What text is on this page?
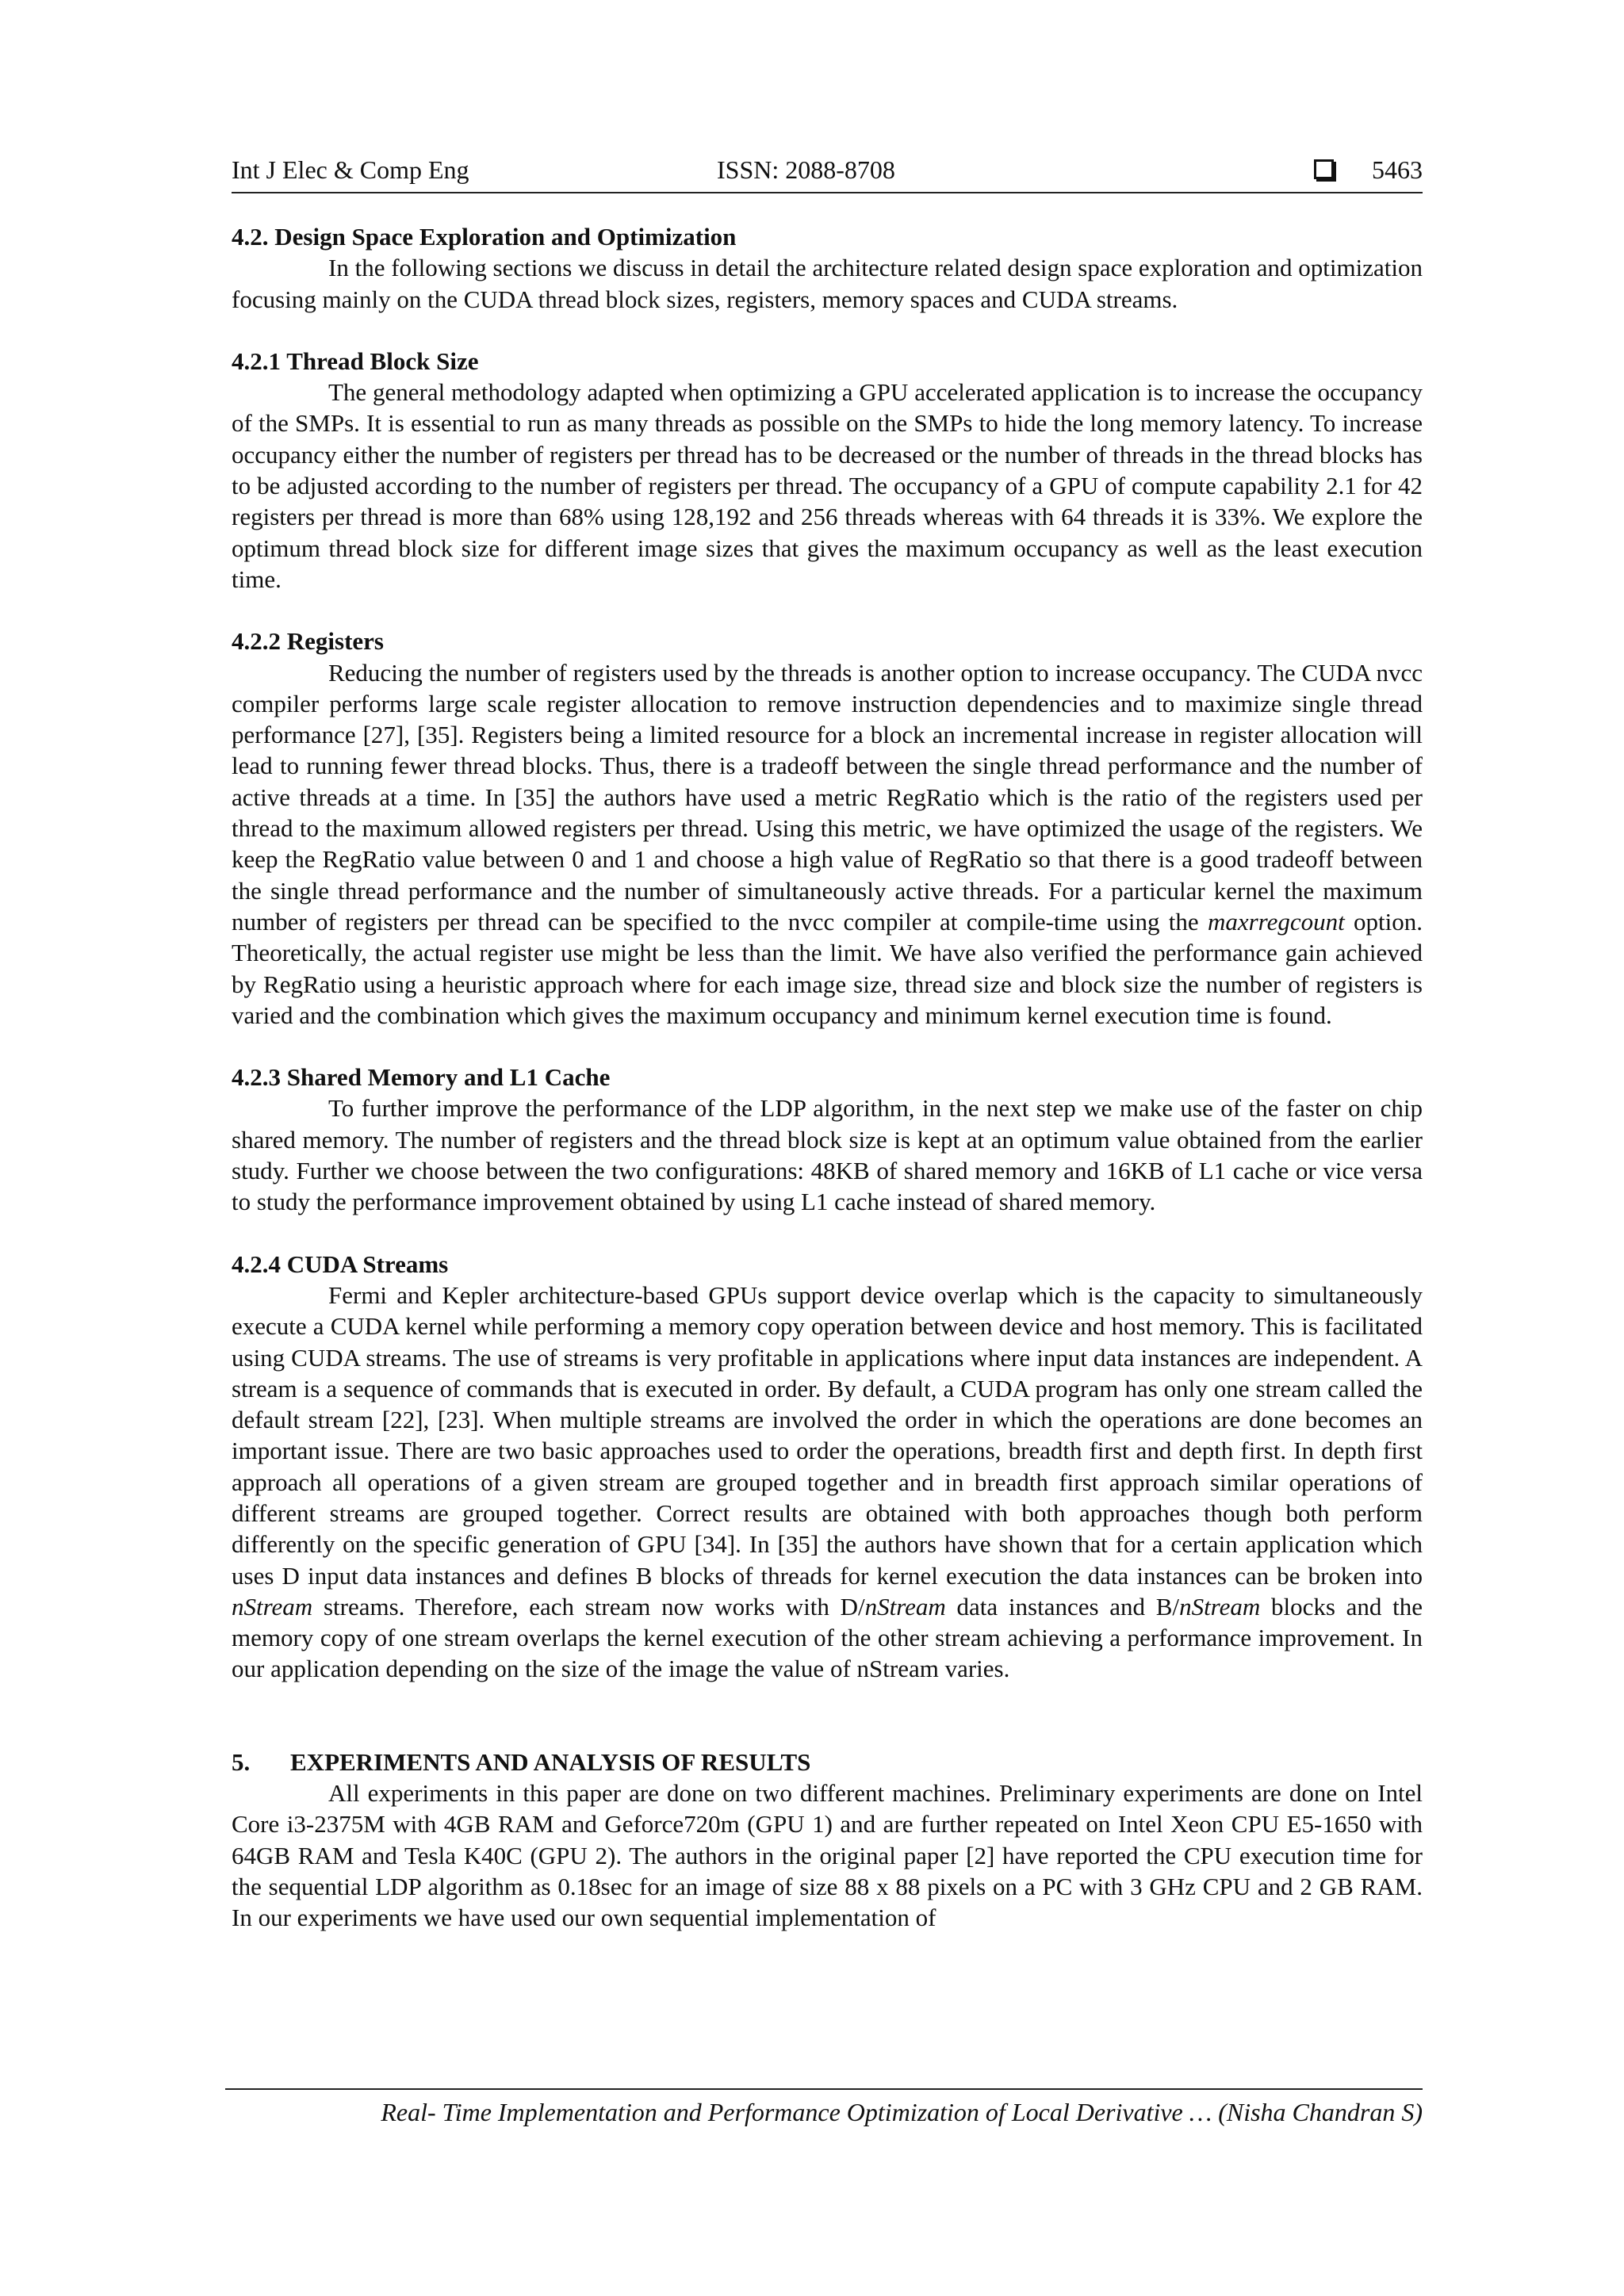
Int J Elec & Comp Eng	ISSN: 2088-8708	5463
4.2. Design Space Exploration and Optimization

In the following sections we discuss in detail the architecture related design space exploration and optimization focusing mainly on the CUDA thread block sizes, registers, memory spaces and CUDA streams.

4.2.1 Thread Block Size

The general methodology adapted when optimizing a GPU accelerated application is to increase the occupancy of the SMPs. It is essential to run as many threads as possible on the SMPs to hide the long memory latency. To increase occupancy either the number of registers per thread has to be decreased or the number of threads in the thread blocks has to be adjusted according to the number of registers per thread. The occupancy of a GPU of compute capability 2.1 for 42 registers per thread is more than 68% using 128,192 and 256 threads whereas with 64 threads it is 33%. We explore the optimum thread block size for different image sizes that gives the maximum occupancy as well as the least execution time.

4.2.2 Registers

Reducing the number of registers used by the threads is another option to increase occupancy. The CUDA nvcc compiler performs large scale register allocation to remove instruction dependencies and to maximize single thread performance [27], [35]. Registers being a limited resource for a block an incremental increase in register allocation will lead to running fewer thread blocks. Thus, there is a tradeoff between the single thread performance and the number of active threads at a time. In [35] the authors have used a metric RegRatio which is the ratio of the registers used per thread to the maximum allowed registers per thread. Using this metric, we have optimized the usage of the registers. We keep the RegRatio value between 0 and 1 and choose a high value of RegRatio so that there is a good tradeoff between the single thread performance and the number of simultaneously active threads. For a particular kernel the maximum number of registers per thread can be specified to the nvcc compiler at compile-time using the maxrregcount option. Theoretically, the actual register use might be less than the limit. We have also verified the performance gain achieved by RegRatio using a heuristic approach where for each image size, thread size and block size the number of registers is varied and the combination which gives the maximum occupancy and minimum kernel execution time is found.

4.2.3 Shared Memory and L1 Cache

To further improve the performance of the LDP algorithm, in the next step we make use of the faster on chip shared memory. The number of registers and the thread block size is kept at an optimum value obtained from the earlier study. Further we choose between the two configurations: 48KB of shared memory and 16KB of L1 cache or vice versa to study the performance improvement obtained by using L1 cache instead of shared memory.

4.2.4 CUDA Streams

Fermi and Kepler architecture-based GPUs support device overlap which is the capacity to simultaneously execute a CUDA kernel while performing a memory copy operation between device and host memory. This is facilitated using CUDA streams. The use of streams is very profitable in applications where input data instances are independent. A stream is a sequence of commands that is executed in order. By default, a CUDA program has only one stream called the default stream [22], [23]. When multiple streams are involved the order in which the operations are done becomes an important issue. There are two basic approaches used to order the operations, breadth first and depth first. In depth first approach all operations of a given stream are grouped together and in breadth first approach similar operations of different streams are grouped together. Correct results are obtained with both approaches though both perform differently on the specific generation of GPU [34]. In [35] the authors have shown that for a certain application which uses D input data instances and defines B blocks of threads for kernel execution the data instances can be broken into nStream streams. Therefore, each stream now works with D/nStream data instances and B/nStream blocks and the memory copy of one stream overlaps the kernel execution of the other stream achieving a performance improvement. In our application depending on the size of the image the value of nStream varies.

5. EXPERIMENTS AND ANALYSIS OF RESULTS

All experiments in this paper are done on two different machines. Preliminary experiments are done on Intel Core i3-2375M with 4GB RAM and Geforce720m (GPU 1) and are further repeated on Intel Xeon CPU E5-1650 with 64GB RAM and Tesla K40C (GPU 2). The authors in the original paper [2] have reported the CPU execution time for the sequential LDP algorithm as 0.18sec for an image of size 88 x 88 pixels on a PC with 3 GHz CPU and 2 GB RAM. In our experiments we have used our own sequential implementation of

Real- Time Implementation and Performance Optimization of Local Derivative … (Nisha Chandran S)
